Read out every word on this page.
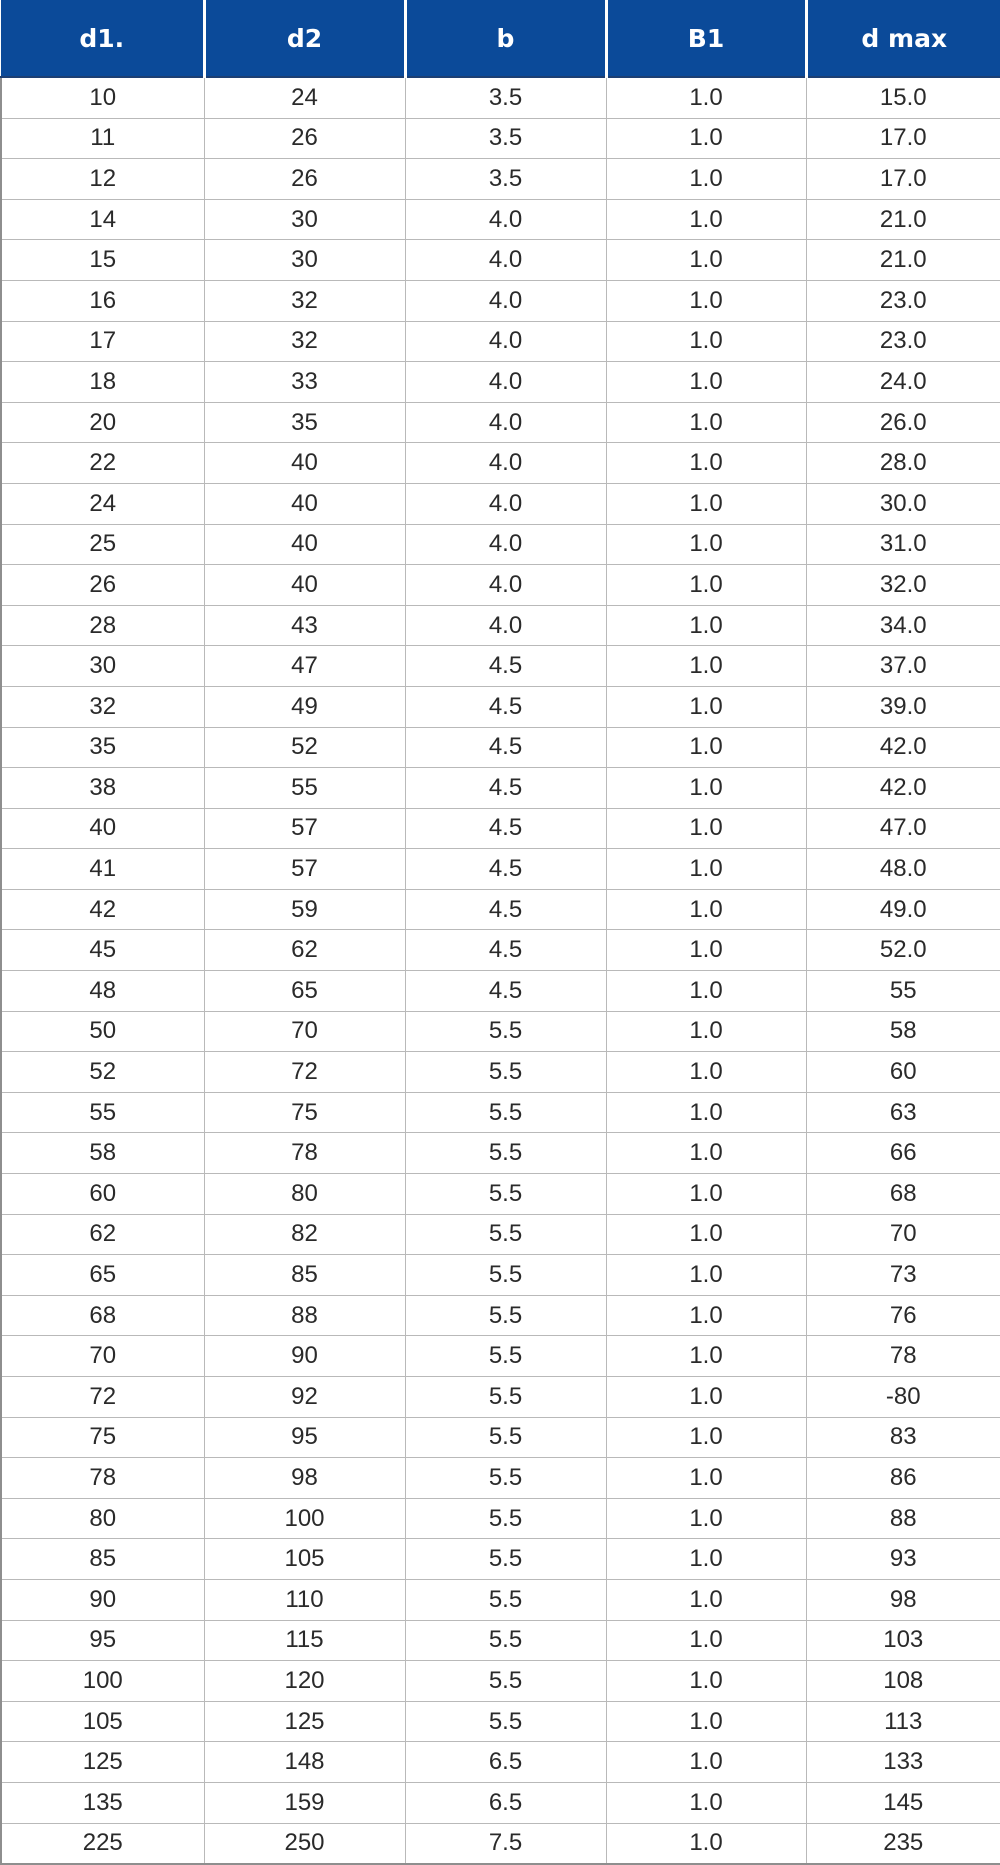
d1.	d2	b	B1	d max
10	24	3.5	1.0	15.0
11	26	3.5	1.0	17.0
12	26	3.5	1.0	17.0
14	30	4.0	1.0	21.0
15	30	4.0	1.0	21.0
16	32	4.0	1.0	23.0
17	32	4.0	1.0	23.0
18	33	4.0	1.0	24.0
20	35	4.0	1.0	26.0
22	40	4.0	1.0	28.0
24	40	4.0	1.0	30.0
25	40	4.0	1.0	31.0
26	40	4.0	1.0	32.0
28	43	4.0	1.0	34.0
30	47	4.5	1.0	37.0
32	49	4.5	1.0	39.0
35	52	4.5	1.0	42.0
38	55	4.5	1.0	42.0
40	57	4.5	1.0	47.0
41	57	4.5	1.0	48.0
42	59	4.5	1.0	49.0
45	62	4.5	1.0	52.0
48	65	4.5	1.0	55
50	70	5.5	1.0	58
52	72	5.5	1.0	60
55	75	5.5	1.0	63
58	78	5.5	1.0	66
60	80	5.5	1.0	68
62	82	5.5	1.0	70
65	85	5.5	1.0	73
68	88	5.5	1.0	76
70	90	5.5	1.0	78
72	92	5.5	1.0	-80
75	95	5.5	1.0	83
78	98	5.5	1.0	86
80	100	5.5	1.0	88
85	105	5.5	1.0	93
90	110	5.5	1.0	98
95	115	5.5	1.0	103
100	120	5.5	1.0	108
105	125	5.5	1.0	113
125	148	6.5	1.0	133
135	159	6.5	1.0	145
225	250	7.5	1.0	235
